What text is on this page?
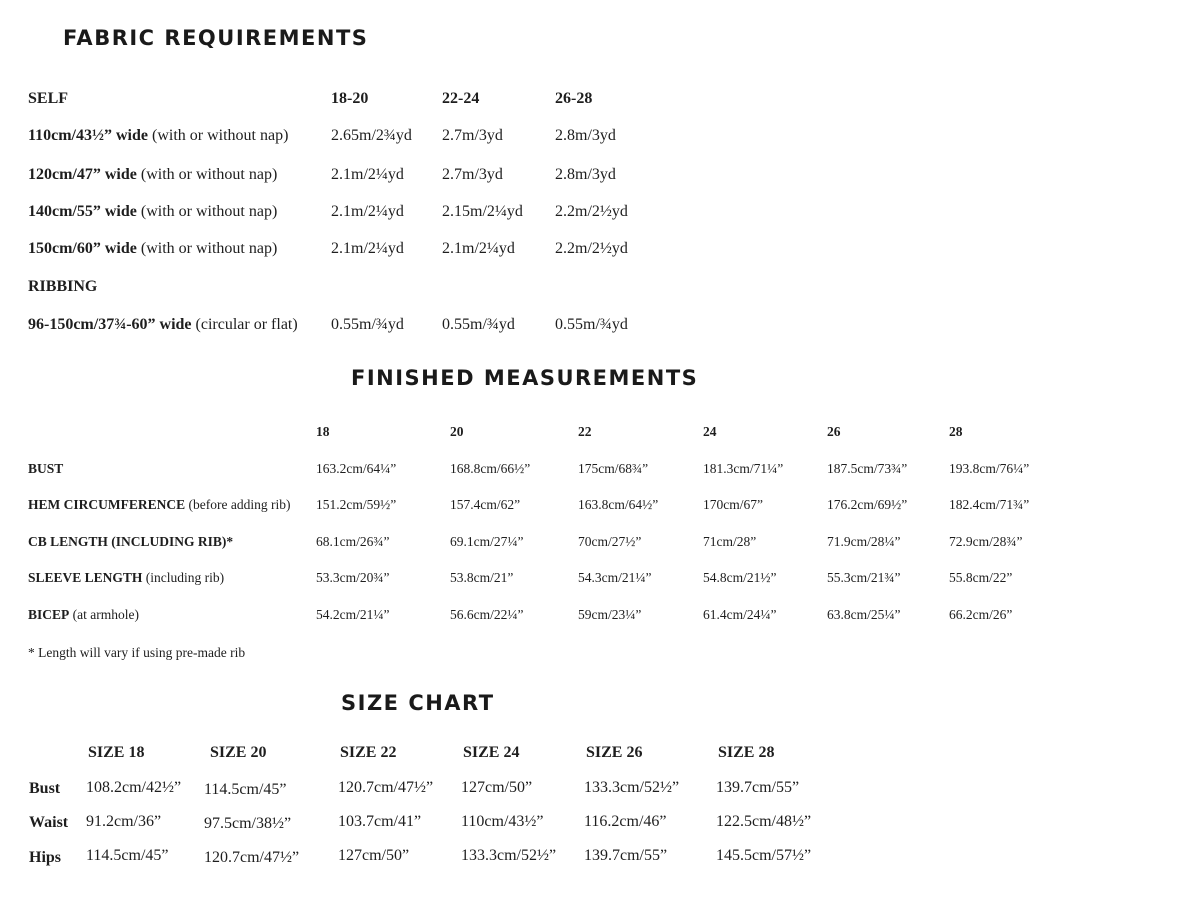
FABRIC REQUIREMENTS
SELF	18-20	22-24	26-28
110cm/43½” wide (with or without nap)	2.65m/2¾yd 2.7m/3yd	2.8m/3yd
120cm/47” wide (with or without nap)	2.1m/2¼yd 2.7m/3yd	2.8m/3yd
140cm/55” wide (with or without nap)	2.1m/2¼yd 2.15m/2¼yd 2.2m/2½yd
150cm/60” wide (with or without nap)	2.1m/2¼yd 2.1m/2¼yd	2.2m/2½yd
RIBBING
96-150cm/37¾-60” wide (circular or flat) 0.55m/¾yd 0.55m/¾yd	0.55m/¾yd
FINISHED MEASUREMENTS
18	20	22	24	26	28
BUST	163.2cm/64¼”	168.8cm/66½”	175cm/68¾”	181.3cm/71¼”	187.5cm/73¾”	193.8cm/76¼”
HEM CIRCUMFERENCE (before adding rib) 151.2cm/59½”	157.4cm/62”	163.8cm/64½”	170cm/67”	176.2cm/69½”	182.4cm/71¾”
CB LENGTH (INCLUDING RIB)*	68.1cm/26¾”	69.1cm/27¼”	70cm/27½”	71cm/28”	71.9cm/28¼”	72.9cm/28¾”
SLEEVE LENGTH (including rib)	53.3cm/20¾”	53.8cm/21”	54.3cm/21¼”	54.8cm/21½”	55.3cm/21¾”	55.8cm/22”
BICEP (at armhole)	54.2cm/21¼”	56.6cm/22¼”	59cm/23¼”	61.4cm/24¼”	63.8cm/25¼”	66.2cm/26”
* Length will vary if using pre-made rib
SIZE CHART
SIZE 18	SIZE 20	SIZE 22	SIZE 24	SIZE 26	SIZE 28
Bust 108.2cm/42½” 114.5cm/45”	120.7cm/47½” 127cm/50”	133.3cm/52½” 139.7cm/55”
Waist 91.2cm/36”	97.5cm/38½”	103.7cm/41” 110cm/43½”	116.2cm/46”	122.5cm/48½”
Hips 114.5cm/45” 120.7cm/47½” 127cm/50”	133.3cm/52½” 139.7cm/55”	145.5cm/57½”
